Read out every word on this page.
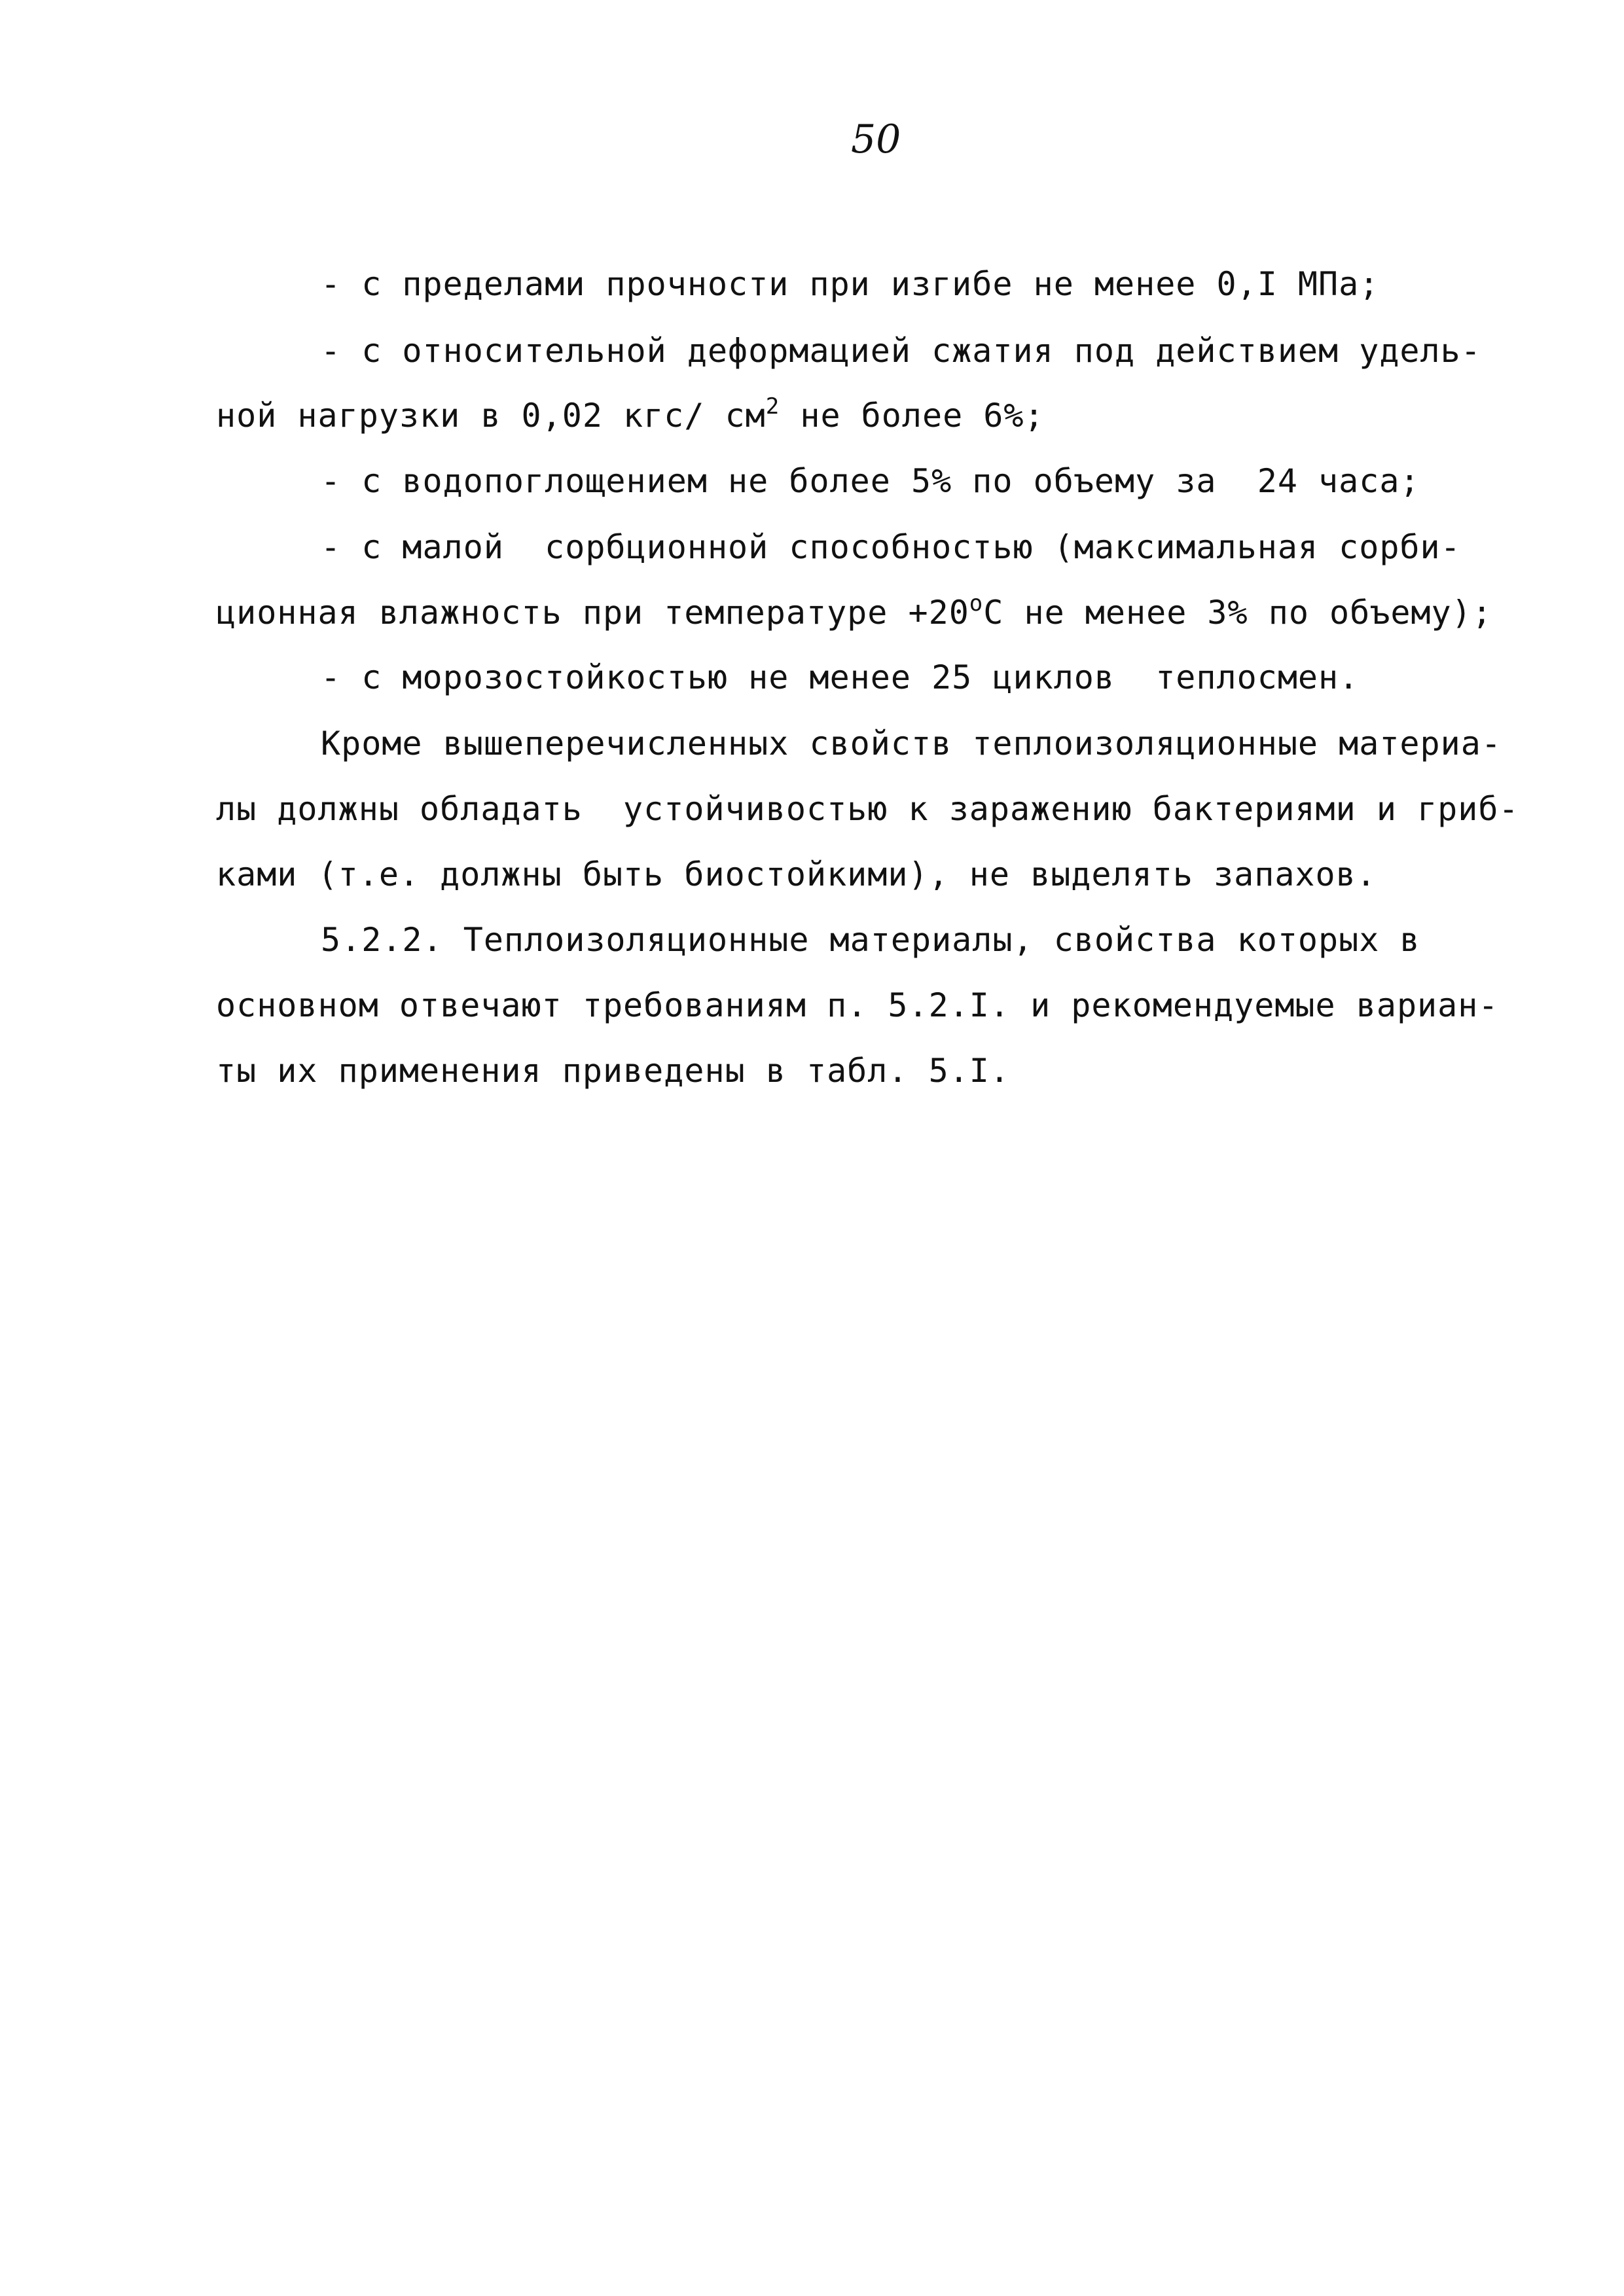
50
- с пределами прочности при изгибе не менее 0,I МПа;
- с относительной деформацией сжатия под действием удель-
ной нагрузки в 0,02 кгс/ $см^2$ не более 6%;
- с водопоглощением не более 5% по объему за  24 часа;
- с малой  сорбционной способностью (максимальная сорби-
ционная влажность при температуре $+20^оС$ не менее 3% по объему);
- с морозостойкостью не менее 25 циклов  теплосмен.
Кроме вышеперечисленных свойств теплоизоляционные материа-
лы должны обладать  устойчивостью к заражению бактериями и гриб-
ками (т.е. должны быть биостойкими), не выделять запахов.
5.2.2. Теплоизоляционные материалы, свойства которых в
основном отвечают требованиям п. 5.2.I. и рекомендуемые вариан-
ты их применения приведены в табл. 5.I.
